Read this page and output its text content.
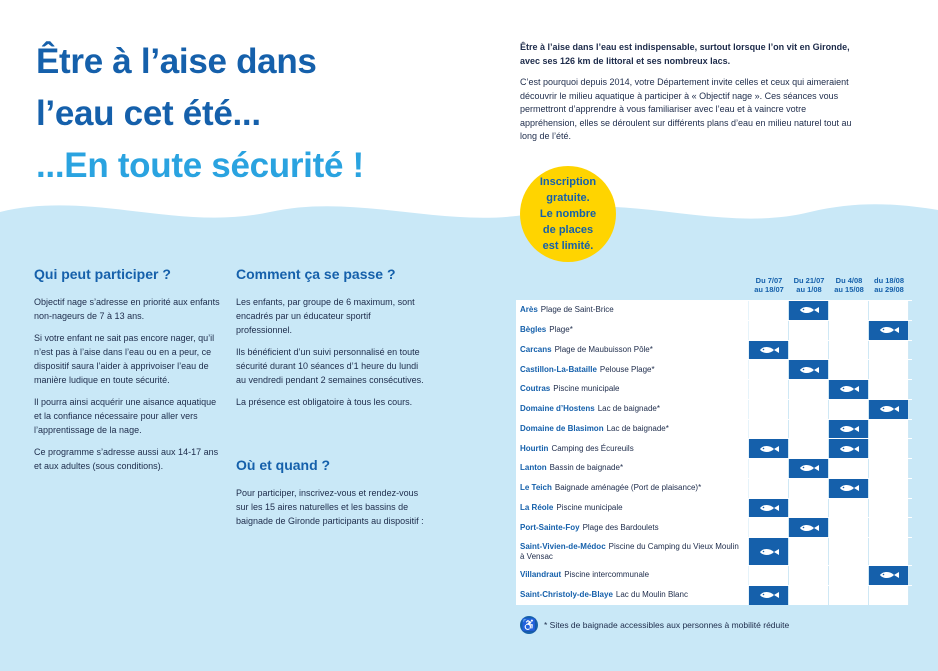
Être à l’aise dans
l’eau cet été...
...En toute sécurité !

Être à l’aise dans l’eau est indispensable, surtout lorsque l’on vit en Gironde, avec ses 126 km de littoral et ses nombreux lacs.

C’est pourquoi depuis 2014, votre Département invite celles et ceux qui aimeraient découvrir le milieu aquatique à participer à « Objectif nage ». Ces séances vous permettront d’apprendre à vous familiariser avec l’eau et à vaincre votre appréhension, elles se déroulent sur différents plans d’eau en milieu naturel tout au long de l’été.

Inscription
gratuite.
Le nombre
de places
est limité.
Qui peut participer ?

Objectif nage s’adresse en priorité aux enfants non-nageurs de 7 à 13 ans.

Si votre enfant ne sait pas encore nager, qu’il n’est pas à l’aise dans l’eau ou en a peur, ce dispositif saura l’aider à apprivoiser l’eau de manière ludique en toute sécurité.

Il pourra ainsi acquérir une aisance aquatique et la confiance nécessaire pour aller vers l’apprentissage de la nage.

Ce programme s’adresse aussi aux 14-17 ans et aux adultes (sous conditions).

Comment ça se passe ?

Les enfants, par groupe de 6 maximum, sont encadrés par un éducateur sportif professionnel.

Ils bénéficient d’un suivi personnalisé en toute sécurité durant 10 séances d’1 heure du lundi au vendredi pendant 2 semaines consécutives.

La présence est obligatoire à tous les cours.

Où et quand ?

Pour participer, inscrivez-vous et rendez-vous sur les 15 aires naturelles et les bassins de baignade de Gironde participants au dispositif :

Du 7/07
au 18/07
Du 21/07
au 1/08
Du 4/08
au 15/08
du 18/08
au 29/08
Arès Plage de Saint-Brice
Bègles Plage*
Carcans Plage de Maubuisson Pôle*
Castillon-La-Bataille Pelouse Plage*
Coutras Piscine municipale
Domaine d’Hostens Lac de baignade*
Domaine de Blasimon Lac de baignade*
Hourtin Camping des Écureuils
Lanton Bassin de baignade*
Le Teich Baignade aménagée (Port de plaisance)*
La Réole Piscine municipale
Port-Sainte-Foy Plage des Bardoulets
Saint-Vivien-de-Médoc Piscine du Camping du Vieux Moulin à Vensac
Villandraut Piscine intercommunale
Saint-Christoly-de-Blaye Lac du Moulin Blanc
♿ * Sites de baignade accessibles aux personnes à mobilité réduite
